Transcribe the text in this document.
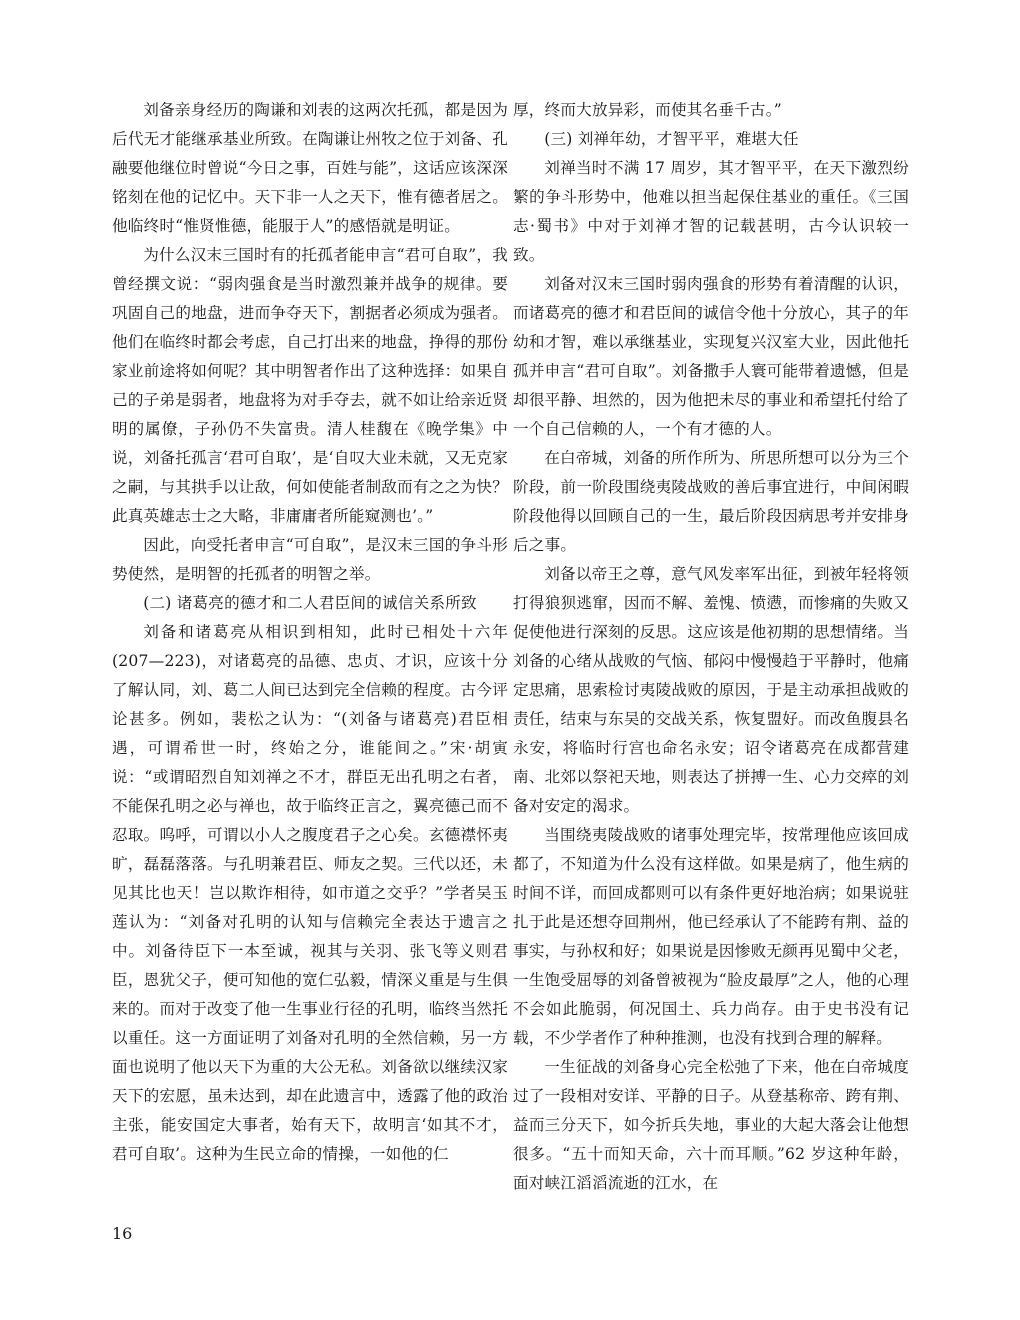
刘备亲身经历的陶谦和刘表的这两次托孤，都是因为后代无才能继承基业所致。在陶谦让州牧之位于刘备、孔融要他继位时曾说“今日之事，百姓与能”，这话应该深深铭刻在他的记忆中。天下非一人之天下，惟有德者居之。他临终时“惟贤惟德，能服于人”的感悟就是明证。

为什么汉末三国时有的托孤者能申言“君可自取”，我曾经撰文说：“弱肉强食是当时激烈兼并战争的规律。要巩固自己的地盘，进而争夺天下，割据者必须成为强者。他们在临终时都会考虑，自己打出来的地盘，挣得的那份家业前途将如何呢？其中明智者作出了这种选择：如果自己的子弟是弱者，地盘将为对手夺去，就不如让给亲近贤明的属僚，子孙仍不失富贵。清人桂馥在《晚学集》中说，刘备托孤言‘君可自取’，是‘自叹大业未就，又无克家之嗣，与其拱手以让敌，何如使能者制敌而有之之为快？此真英雄志士之大略，非庸庸者所能窥测也’。”

因此，向受托者申言“可自取”，是汉末三国的争斗形势使然，是明智的托孤者的明智之举。

(二) 诸葛亮的德才和二人君臣间的诚信关系所致

刘备和诸葛亮从相识到相知，此时已相处十六年(207—223)，对诸葛亮的品德、忠贞、才识，应该十分了解认同，刘、葛二人间已达到完全信赖的程度。古今评论甚多。例如，裴松之认为：“(刘备与诸葛亮)君臣相遇，可谓希世一时，终始之分，谁能间之。”宋·胡寅说：“或谓昭烈自知刘禅之不才，群臣无出孔明之右者，不能保孔明之必与禅也，故于临终正言之，翼亮德己而不忍取。呜呼，可谓以小人之腹度君子之心矣。玄德襟怀夷旷，磊磊落落。与孔明兼君臣、师友之契。三代以还，未见其比也天！岂以欺诈相待，如市道之交乎？”学者吴玉莲认为：“刘备对孔明的认知与信赖完全表达于遗言之中。刘备待臣下一本至诚，视其与关羽、张飞等义则君臣，恩犹父子，便可知他的宽仁弘毅，情深义重是与生俱来的。而对于改变了他一生事业行径的孔明，临终当然托以重任。这一方面证明了刘备对孔明的全然信赖，另一方面也说明了他以天下为重的大公无私。刘备欲以继续汉家天下的宏愿，虽未达到，却在此遗言中，透露了他的政治主张，能安国定大事者，始有天下，故明言‘如其不才，君可自取’。这种为生民立命的情操，一如他的仁

厚，终而大放异彩，而使其名垂千古。”

(三) 刘禅年幼，才智平平，难堪大任

刘禅当时不满 17 周岁，其才智平平，在天下激烈纷繁的争斗形势中，他难以担当起保住基业的重任。《三国志·蜀书》中对于刘禅才智的记载甚明，古今认识较一致。

刘备对汉末三国时弱肉强食的形势有着清醒的认识，而诸葛亮的德才和君臣间的诚信令他十分放心，其子的年幼和才智，难以承继基业，实现复兴汉室大业，因此他托孤并申言“君可自取”。刘备撒手人寰可能带着遗憾，但是却很平静、坦然的，因为他把未尽的事业和希望托付给了一个自己信赖的人，一个有才德的人。

在白帝城，刘备的所作所为、所思所想可以分为三个阶段，前一阶段围绕夷陵战败的善后事宜进行，中间闲暇阶段他得以回顾自己的一生，最后阶段因病思考并安排身后之事。

刘备以帝王之尊，意气风发率军出征，到被年轻将领打得狼狈逃窜，因而不解、羞愧、愤懑，而惨痛的失败又促使他进行深刻的反思。这应该是他初期的思想情绪。当刘备的心绪从战败的气恼、郁闷中慢慢趋于平静时，他痛定思痛，思索检讨夷陵战败的原因，于是主动承担战败的责任，结束与东吴的交战关系，恢复盟好。而改鱼腹县名永安，将临时行宫也命名永安；诏令诸葛亮在成都营建南、北郊以祭祀天地，则表达了拼搏一生、心力交瘁的刘备对安定的渴求。

当围绕夷陵战败的诸事处理完毕，按常理他应该回成都了，不知道为什么没有这样做。如果是病了，他生病的时间不详，而回成都则可以有条件更好地治病；如果说驻扎于此是还想夺回荆州，他已经承认了不能跨有荆、益的事实，与孙权和好；如果说是因惨败无颜再见蜀中父老，一生饱受屈辱的刘备曾被视为“脸皮最厚”之人，他的心理不会如此脆弱，何况国土、兵力尚存。由于史书没有记载，不少学者作了种种推测，也没有找到合理的解释。

一生征战的刘备身心完全松弛了下来，他在白帝城度过了一段相对安详、平静的日子。从登基称帝、跨有荆、益而三分天下，如今折兵失地，事业的大起大落会让他想很多。“五十而知天命，六十而耳顺。”62 岁这种年龄，面对峡江滔滔流逝的江水，在

16
